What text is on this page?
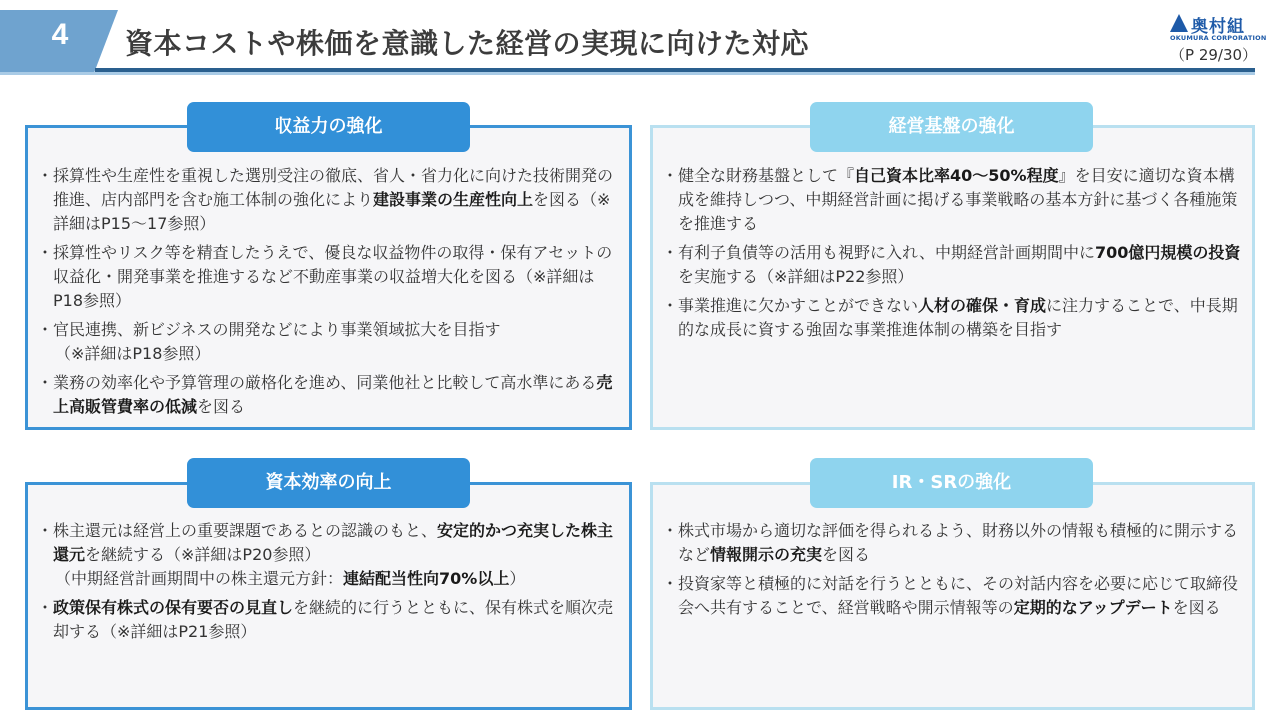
4 資本コストや株価を意識した経営の実現に向けた対応	奥村組
OKUMURA CORPORATION
（P 29/30）
収益力の強化
・ 採算性や生産性を重視した選別受注の徹底、省人・省力化に向けた技術開発の推進、店内部門を含む施工体制の強化により建設事業の生産性向上を図る（※詳細はP15～17参照）
・ 採算性やリスク等を精査したうえで、優良な収益物件の取得・保有アセットの収益化・開発事業を推進するなど不動産事業の収益増大化を図る（※詳細はP18参照）
・ 官民連携、新ビジネスの開発などにより事業領域拡大を目指す
（※詳細はP18参照）
・ 業務の効率化や予算管理の厳格化を進め、同業他社と比較して高水準にある売上高販管費率の低減を図る
経営基盤の強化
・ 健全な財務基盤として『自己資本比率40～50%程度』を目安に適切な資本構成を維持しつつ、中期経営計画に掲げる事業戦略の基本方針に基づく各種施策を推進する
・ 有利子負債等の活用も視野に入れ、中期経営計画期間中に700億円規模の投資を実施する（※詳細はP22参照）
・ 事業推進に欠かすことができない人材の確保・育成に注力することで、中長期的な成長に資する強固な事業推進体制の構築を目指す
資本効率の向上
・ 株主還元は経営上の重要課題であるとの認識のもと、安定的かつ充実した株主還元を継続する（※詳細はP20参照）
（中期経営計画期間中の株主還元方針：連結配当性向70%以上）
・ 政策保有株式の保有要否の見直しを継続的に行うとともに、保有株式を順次売却する（※詳細はP21参照）
IR・SRの強化
・ 株式市場から適切な評価を得られるよう、財務以外の情報も積極的に開示するなど情報開示の充実を図る
・ 投資家等と積極的に対話を行うとともに、その対話内容を必要に応じて取締役会へ共有することで、経営戦略や開示情報等の定期的なアップデートを図る
